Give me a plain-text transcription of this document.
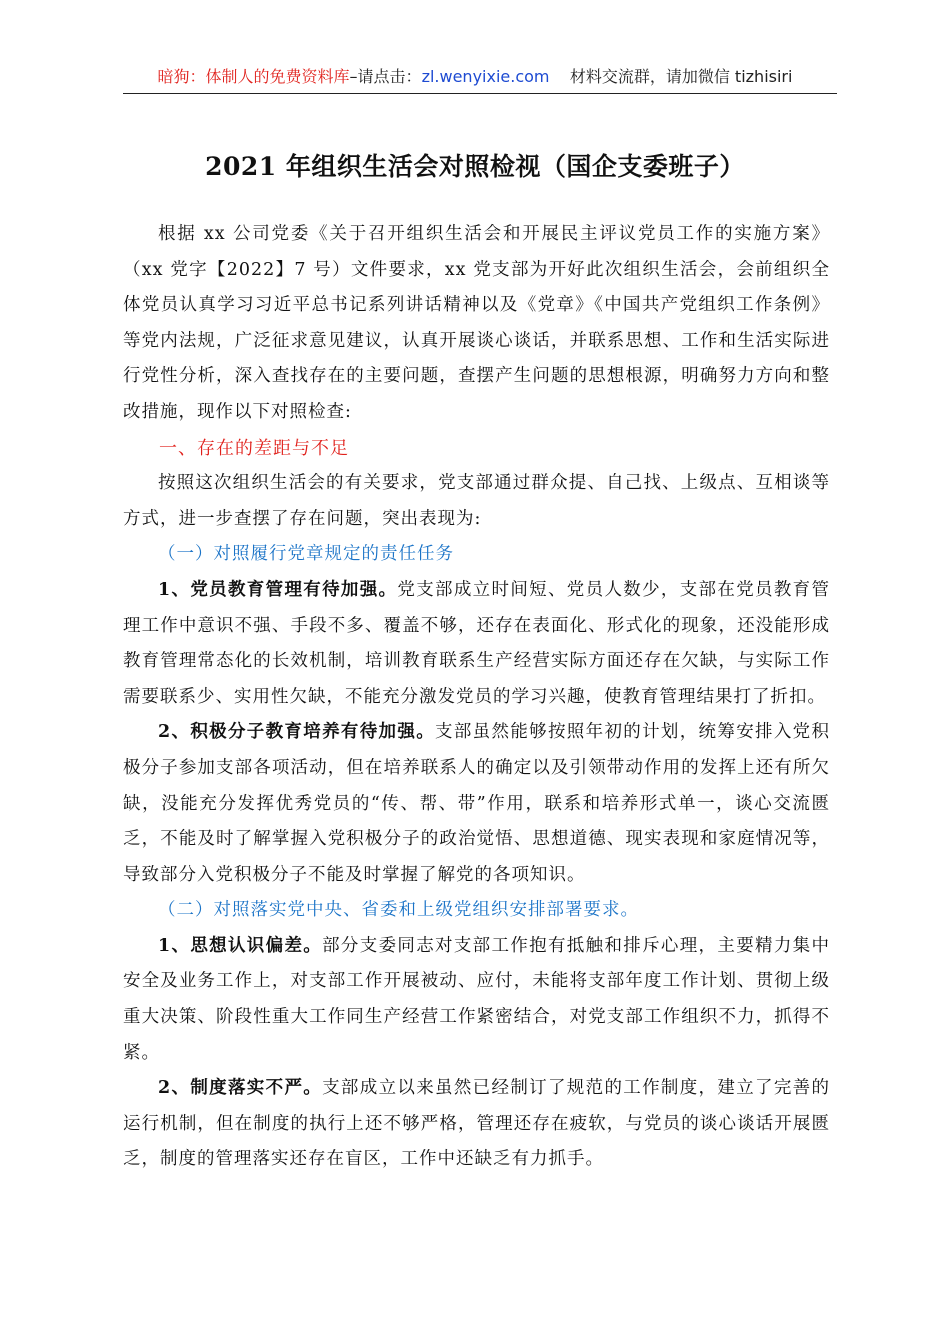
暗狗：体制人的免费资料库–请点击：zl.wenyixie.com 材料交流群，请加微信 tizhisiri
2021 年组织生活会对照检视（国企支委班子）

根据 xx 公司党委《关于召开组织生活会和开展民主评议党员工作的实施方案》（xx 党字【2022】7 号）文件要求，xx 党支部为开好此次组织生活会，会前组织全体党员认真学习习近平总书记系列讲话精神以及《党章》《中国共产党组织工作条例》等党内法规，广泛征求意见建议，认真开展谈心谈话，并联系思想、工作和生活实际进行党性分析，深入查找存在的主要问题，查摆产生问题的思想根源，明确努力方向和整改措施，现作以下对照检查:

一、存在的差距与不足

按照这次组织生活会的有关要求，党支部通过群众提、自己找、上级点、互相谈等方式，进一步查摆了存在问题，突出表现为:

（一）对照履行党章规定的责任任务

1、党员教育管理有待加强。党支部成立时间短、党员人数少，支部在党员教育管理工作中意识不强、手段不多、覆盖不够，还存在表面化、形式化的现象，还没能形成教育管理常态化的长效机制，培训教育联系生产经营实际方面还存在欠缺，与实际工作需要联系少、实用性欠缺，不能充分激发党员的学习兴趣，使教育管理结果打了折扣。

2、积极分子教育培养有待加强。支部虽然能够按照年初的计划，统筹安排入党积极分子参加支部各项活动，但在培养联系人的确定以及引领带动作用的发挥上还有所欠缺，没能充分发挥优秀党员的“传、帮、带”作用，联系和培养形式单一，谈心交流匮乏，不能及时了解掌握入党积极分子的政治觉悟、思想道德、现实表现和家庭情况等，导致部分入党积极分子不能及时掌握了解党的各项知识。

（二）对照落实党中央、省委和上级党组织安排部署要求。

1、思想认识偏差。部分支委同志对支部工作抱有抵触和排斥心理，主要精力集中安全及业务工作上，对支部工作开展被动、应付，未能将支部年度工作计划、贯彻上级重大决策、阶段性重大工作同生产经营工作紧密结合，对党支部工作组织不力，抓得不紧。

2、制度落实不严。支部成立以来虽然已经制订了规范的工作制度，建立了完善的运行机制，但在制度的执行上还不够严格，管理还存在疲软，与党员的谈心谈话开展匮乏，制度的管理落实还存在盲区，工作中还缺乏有力抓手。
